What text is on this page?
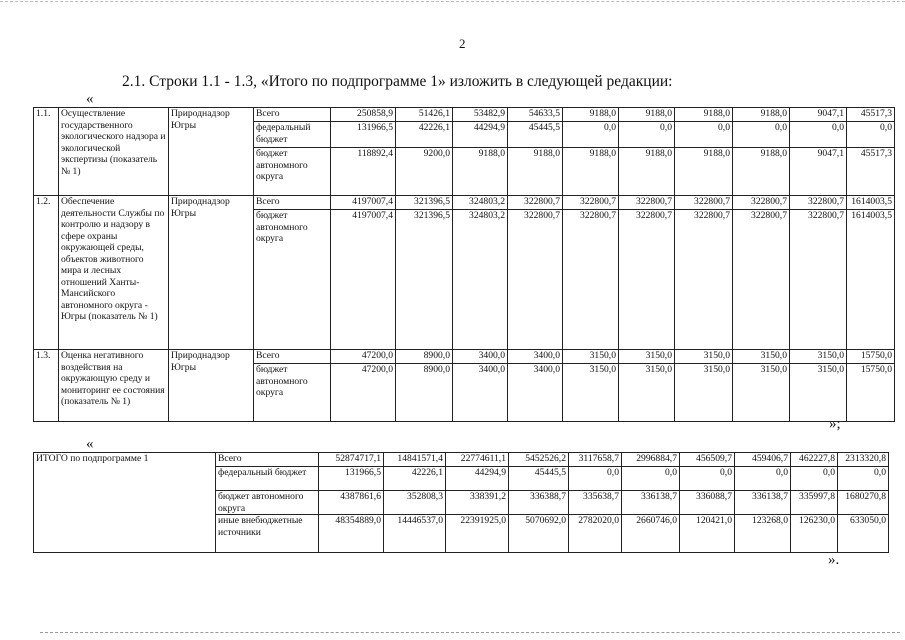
2
2.1. Строки 1.1 - 1.3, «Итого по подпрограмме 1» изложить в следующей редакции:
«
1.1.	Осуществление государственного экологического надзора и экологической экспертизы (показатель № 1)	Природнадзор Югры	Всего	250858,9	51426,1	53482,9	54633,5	9188,0	9188,0	9188,0	9188,0	9047,1	45517,3
			федеральный бюджет	131966,5	42226,1	44294,9	45445,5	0,0	0,0	0,0	0,0	0,0	0,0
			бюджет автономного округа	118892,4	9200,0	9188,0	9188,0	9188,0	9188,0	9188,0	9188,0	9047,1	45517,3
1.2.	Обеспечение деятельности Службы по контролю и надзору в сфере охраны окружающей среды, объектов животного мира и лесных отношений Ханты-Мансийского автономного округа - Югры (показатель № 1)	Природнадзор Югры	Всего	4197007,4	321396,5	324803,2	322800,7	322800,7	322800,7	322800,7	322800,7	322800,7	1614003,5
			бюджет автономного округа	4197007,4	321396,5	324803,2	322800,7	322800,7	322800,7	322800,7	322800,7	322800,7	1614003,5
1.3.	Оценка негативного воздействия на окружающую среду и мониторинг ее состояния (показатель № 1)	Природнадзор Югры	Всего	47200,0	8900,0	3400,0	3400,0	3150,0	3150,0	3150,0	3150,0	3150,0	15750,0
			бюджет автономного округа	47200,0	8900,0	3400,0	3400,0	3150,0	3150,0	3150,0	3150,0	3150,0	15750,0
»;
«
ИТОГО по подпрограмме 1	Всего	52874717,1	14841571,4	22774611,1	5452526,2	3117658,7	2996884,7	456509,7	459406,7	462227,8	2313320,8
	федеральный бюджет	131966,5	42226,1	44294,9	45445,5	0,0	0,0	0,0	0,0	0,0	0,0
	бюджет автономного округа	4387861,6	352808,3	338391,2	336388,7	335638,7	336138,7	336088,7	336138,7	335997,8	1680270,8
	иные внебюджетные источники	48354889,0	14446537,0	22391925,0	5070692,0	2782020,0	2660746,0	120421,0	123268,0	126230,0	633050,0
».
